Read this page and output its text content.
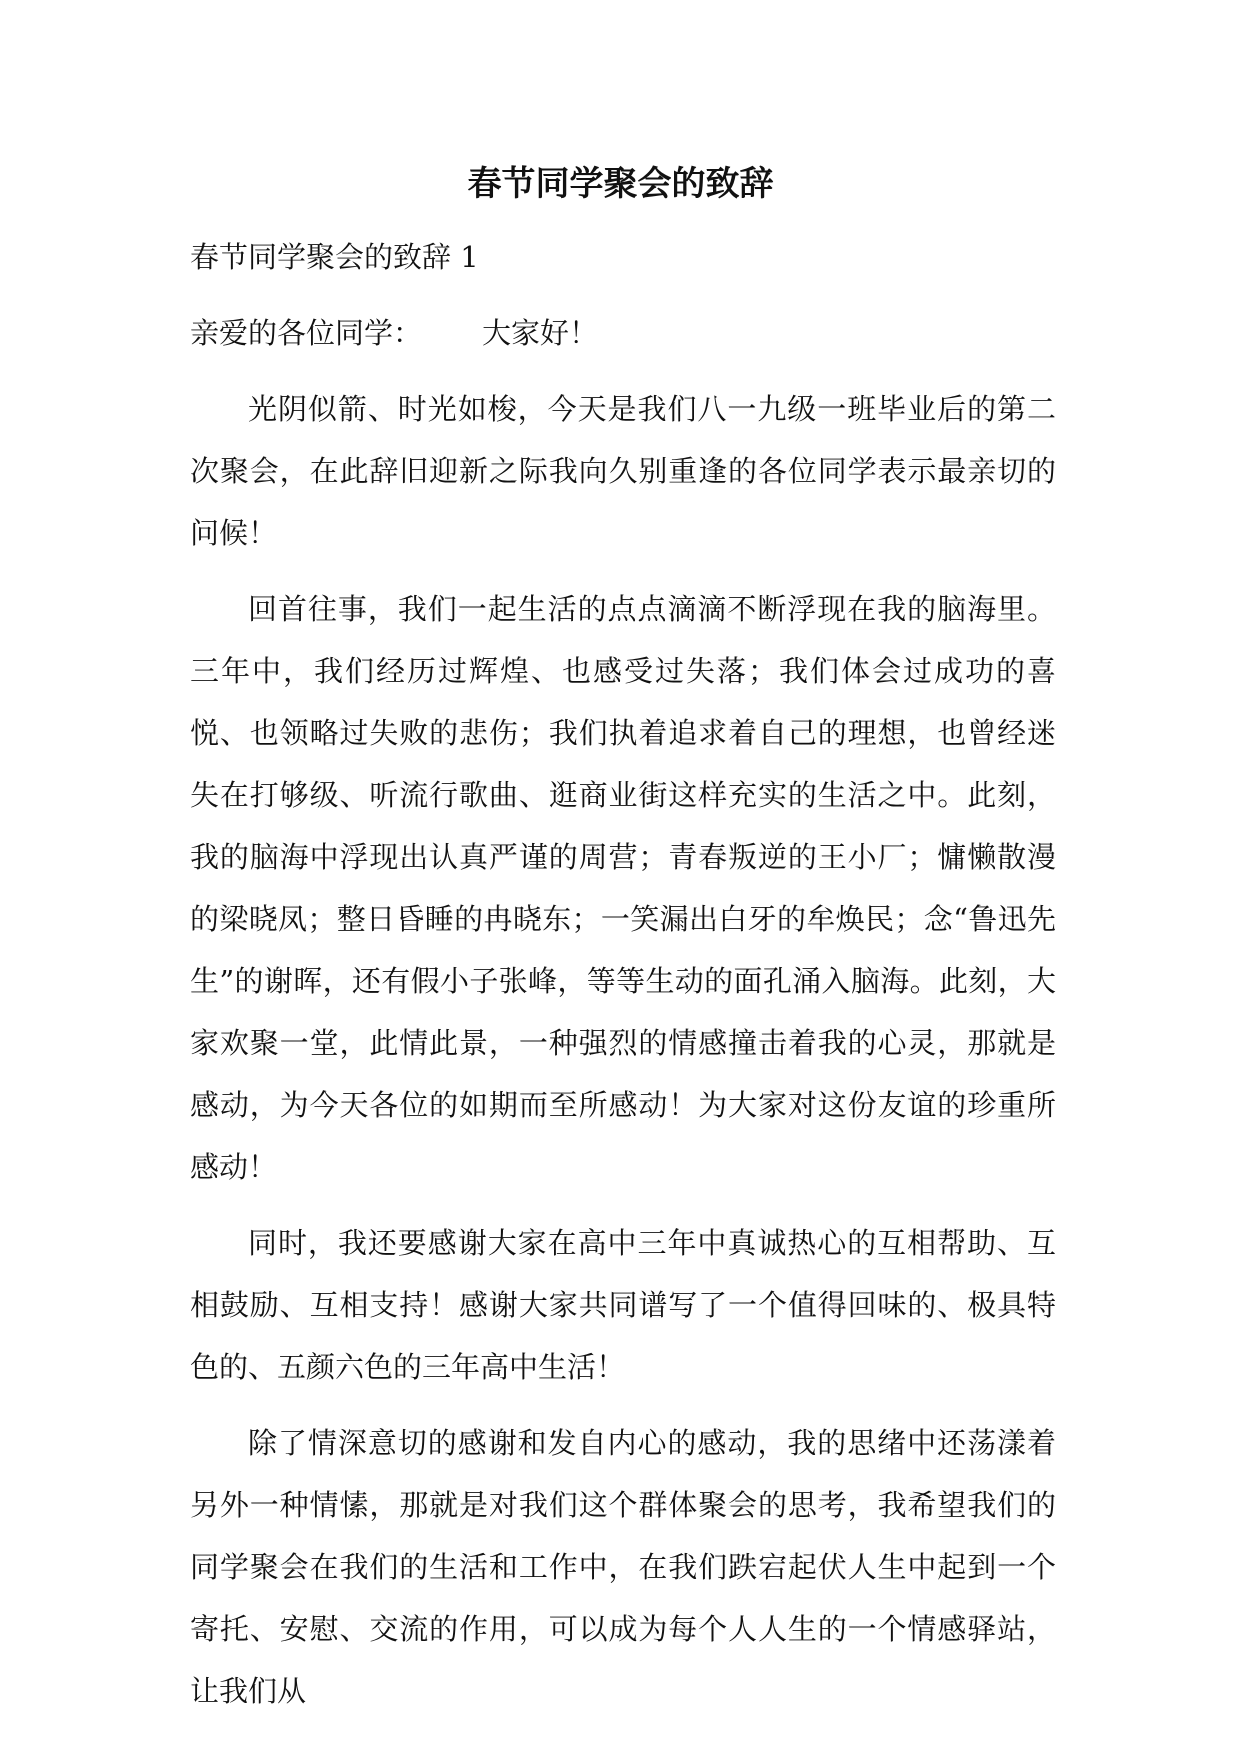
春节同学聚会的致辞

春节同学聚会的致辞 1

亲爱的各位同学： 大家好！

光阴似箭、时光如梭，今天是我们八一九级一班毕业后的第二次聚会，在此辞旧迎新之际我向久别重逢的各位同学表示最亲切的问候！

回首往事，我们一起生活的点点滴滴不断浮现在我的脑海里。三年中，我们经历过辉煌、也感受过失落；我们体会过成功的喜悦、也领略过失败的悲伤；我们执着追求着自己的理想，也曾经迷失在打够级、听流行歌曲、逛商业街这样充实的生活之中。此刻，我的脑海中浮现出认真严谨的周营；青春叛逆的王小厂；慵懒散漫的梁晓凤；整日昏睡的冉晓东；一笑漏出白牙的牟焕民；念“鲁迅先生”的谢晖，还有假小子张峰，等等生动的面孔涌入脑海。此刻，大家欢聚一堂，此情此景，一种强烈的情感撞击着我的心灵，那就是感动，为今天各位的如期而至所感动！为大家对这份友谊的珍重所感动！

同时，我还要感谢大家在高中三年中真诚热心的互相帮助、互相鼓励、互相支持！感谢大家共同谱写了一个值得回味的、极具特色的、五颜六色的三年高中生活！

除了情深意切的感谢和发自内心的感动，我的思绪中还荡漾着另外一种情愫，那就是对我们这个群体聚会的思考，我希望我们的同学聚会在我们的生活和工作中，在我们跌宕起伏人生中起到一个寄托、安慰、交流的作用，可以成为每个人人生的一个情感驿站，让我们从
